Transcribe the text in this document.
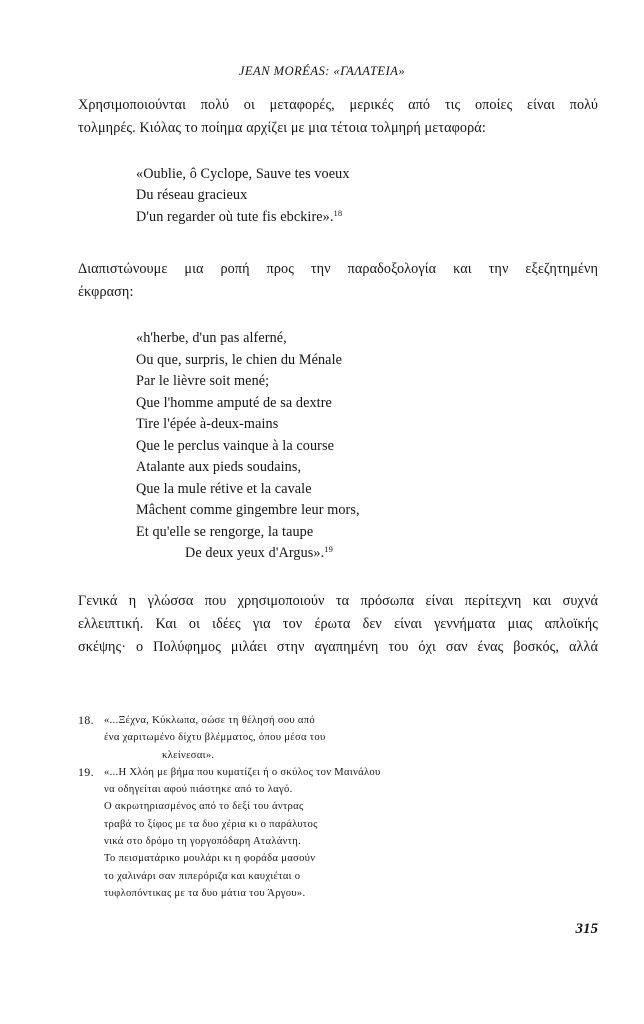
JEAN MORÉAS: «ΓΑΛΑΤΕΙΑ»
Χρησιμοποιούνται πολύ οι μεταφορές, μερικές από τις οποίες είναι πολύ
τολμηρές. Κιόλας το ποίημα αρχίζει με μια τέτοια τολμηρή μεταφορά:
«Oublie, ô Cyclope, Sauve tes voeux
Du réseau gracieux
D'un regarder où tute fis ebckire».$^{18}$
Διαπιστώνουμε μια ροπή προς την παραδοξολογία και την εξεζητημένη
έκφραση:
«h'herbe, d'un pas alferné,
Ou que, surpris, le chien du Ménale
Par le lièvre soit mené;
Que l'homme amputé de sa dextre
Tire l'épée à-deux-mains
Que le perclus vainque à la course
Atalante aux pieds soudains,
Que la mule rétive et la cavale
Mâchent comme gingembre leur mors,
Et qu'elle se rengorge, la taupe
De deux yeux d'Argus».$^{19}$
Γενικά η γλώσσα που χρησιμοποιούν τα πρόσωπα είναι περίτεχνη και συχνά
ελλειπτική. Και οι ιδέες για τον έρωτα δεν είναι γεννήματα μιας απλοϊκής
σκέψης· ο Πολύφημος μιλάει στην αγαπημένη του όχι σαν ένας βοσκός, αλλά
18. «...Ξέχνα, Κύκλωπα, σώσε τη θέλησή σου από
ένα χαριτωμένο δίχτυ βλέμματος, όπου μέσα του
κλείνεσαι».
19. «...Η Χλόη με βήμα που κυματίζει ή ο σκύλος τον Μαινάλου
να οδηγείται αφού πιάστηκε από το λαγό.
Ο ακρωτηριασμένος από το δεξί του άντρας
τραβά το ξίφος με τα δυο χέρια κι ο παράλυτος
νικά στο δρόμο τη γοργοπόδαρη Αταλάντη.
Το πεισματάρικο μουλάρι κι η φοράδα μασούν
το χαλινάρι σαν πιπερόριζα και καυχιέται ο
τυφλοπόντικας με τα δυο μάτια του Άργου».
315
